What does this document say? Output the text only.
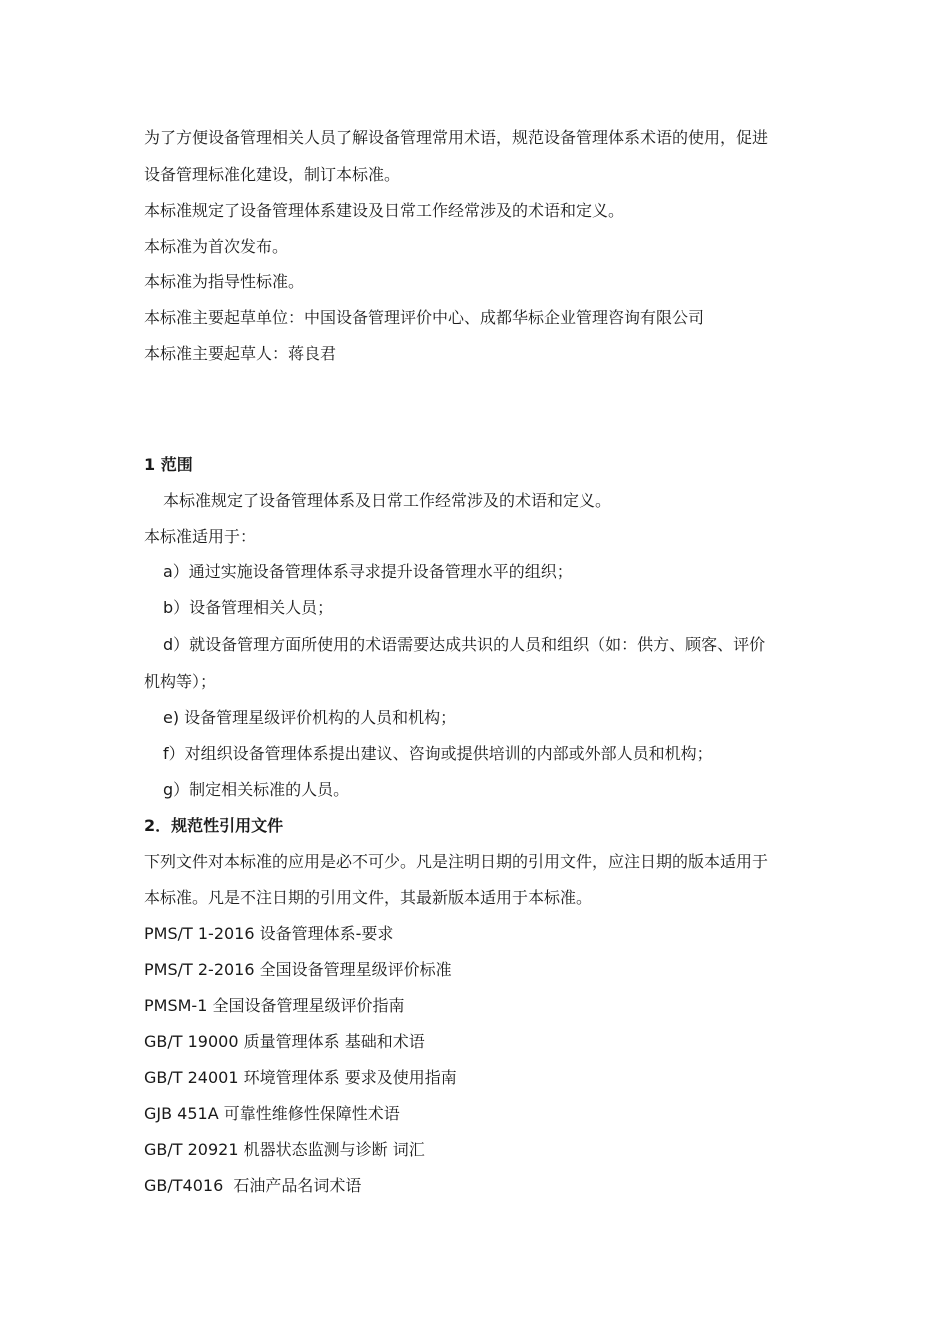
为了方便设备管理相关人员了解设备管理常用术语，规范设备管理体系术语的使用，促进
设备管理标准化建设，制订本标准。
本标准规定了设备管理体系建设及日常工作经常涉及的术语和定义。
本标准为首次发布。
本标准为指导性标准。
本标准主要起草单位：中国设备管理评价中心、成都华标企业管理咨询有限公司
本标准主要起草人：蒋良君
1 范围
本标准规定了设备管理体系及日常工作经常涉及的术语和定义。
本标准适用于：
a）通过实施设备管理体系寻求提升设备管理水平的组织；
b）设备管理相关人员；
d）就设备管理方面所使用的术语需要达成共识的人员和组织（如：供方、顾客、评价
机构等）；
e) 设备管理星级评价机构的人员和机构；
f）对组织设备管理体系提出建议、咨询或提供培训的内部或外部人员和机构；
g）制定相关标准的人员。
2．规范性引用文件
下列文件对本标准的应用是必不可少。凡是注明日期的引用文件，应注日期的版本适用于
本标准。凡是不注日期的引用文件，其最新版本适用于本标准。
PMS/T 1-2016 设备管理体系-要求
PMS/T 2-2016 全国设备管理星级评价标准
PMSM-1 全国设备管理星级评价指南
GB/T 19000 质量管理体系 基础和术语
GB/T 24001 环境管理体系 要求及使用指南
GJB 451A 可靠性维修性保障性术语
GB/T 20921 机器状态监测与诊断 词汇
GB/T4016  石油产品名词术语
